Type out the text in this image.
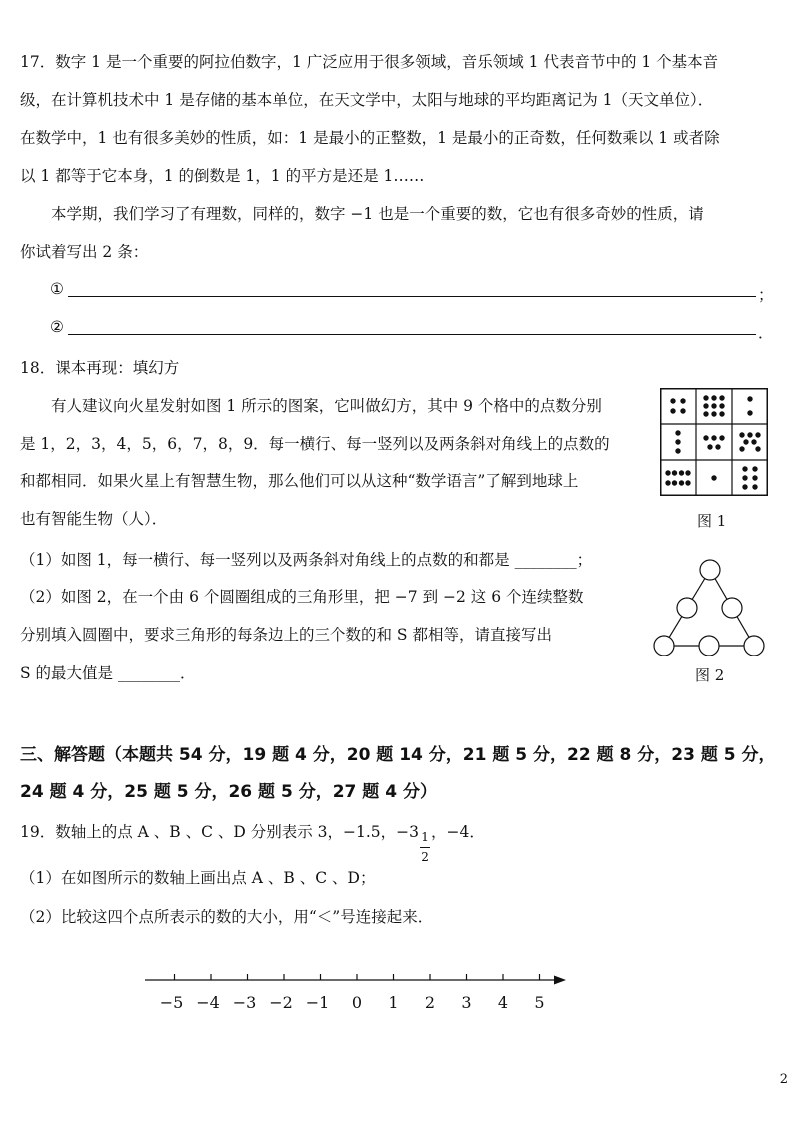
17．数字 1 是一个重要的阿拉伯数字，1 广泛应用于很多领域，音乐领域 1 代表音节中的 1 个基本音
级，在计算机技术中 1 是存储的基本单位，在天文学中，太阳与地球的平均距离记为 1（天文单位）．
在数学中，1 也有很多美妙的性质，如：1 是最小的正整数，1 是最小的正奇数，任何数乘以 1 或者除
以 1 都等于它本身，1 的倒数是 1，1 的平方是还是 1……
　　本学期，我们学习了有理数，同样的，数字 −1 也是一个重要的数，它也有很多奇妙的性质，请
你试着写出 2 条：
①	；
②	．
18．课本再现：填幻方
　　有人建议向火星发射如图 1 所示的图案，它叫做幻方，其中 9 个格中的点数分别
是 1，2，3，4，5，6，7，8，9．每一横行、每一竖列以及两条斜对角线上的点数的
和都相同．如果火星上有智慧生物，那么他们可以从这种“数学语言”了解到地球上
也有智能生物（人）．	图 1
（1）如图 1，每一横行、每一竖列以及两条斜对角线上的点数的和都是 ________；
（2）如图 2，在一个由 6 个圆圈组成的三角形里，把 −7 到 −2 这 6 个连续整数
分别填入圆圈中，要求三角形的每条边上的三个数的和 S 都相等，请直接写出
S 的最大值是 ________．	图 2
三、解答题（本题共 54 分，19 题 4 分，20 题 14 分，21 题 5 分，22 题 8 分，23 题 5 分，
24 题 4 分，25 题 5 分，26 题 5 分，27 题 4 分）
19．数轴上的点 A 、B 、C 、D 分别表示 3，−1.5，−3
$\frac{1}{2}$
，−4．
（1）在如图所示的数轴上画出点 A 、B 、C 、D；
（2）比较这四个点所表示的数的大小，用“＜”号连接起来．
−5 −4 −3 −2 −1 0 1 2 3 4 5
2
